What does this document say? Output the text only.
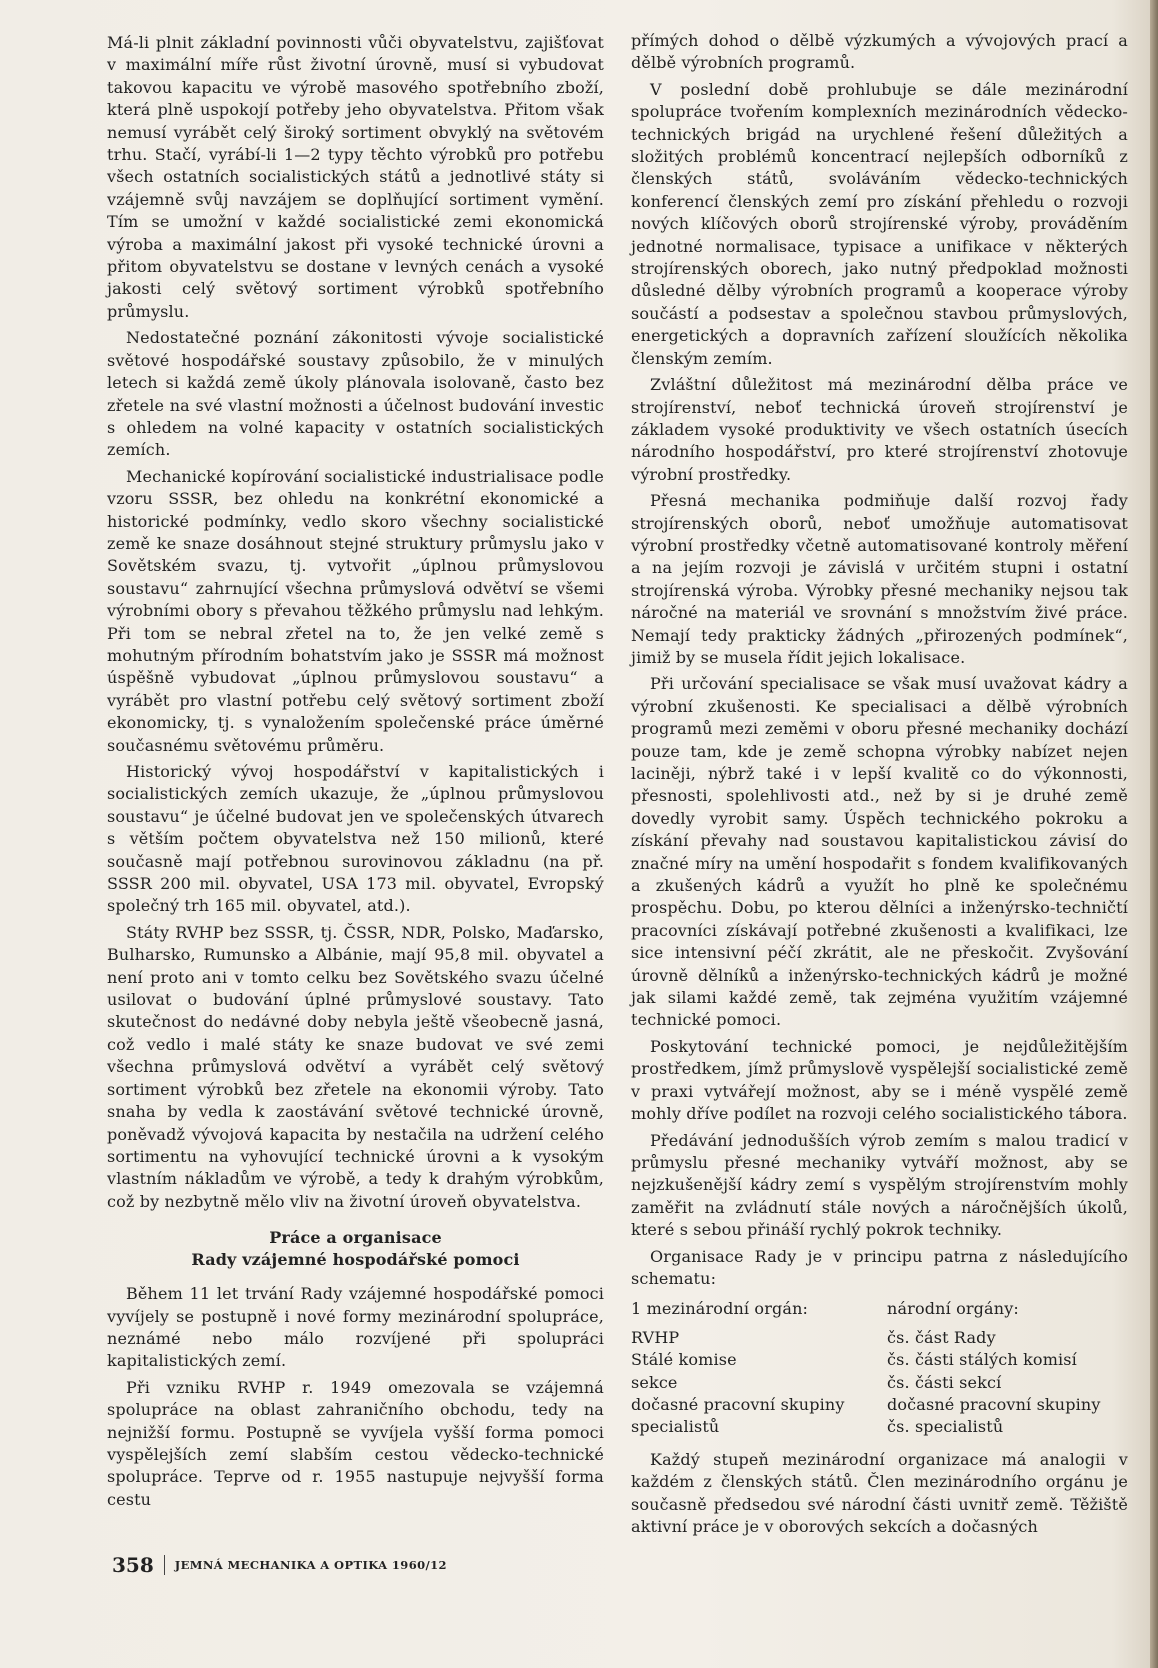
Má-li plnit základní povinnosti vůči obyvatelstvu, zajišťovat v maximální míře růst životní úrovně, musí si vybudovat takovou kapacitu ve výrobě masového spotřebního zboží, která plně uspokojí potřeby jeho obyvatelstva. Přitom však nemusí vyrábět celý široký sortiment obvyklý na světovém trhu. Stačí, vyrábí-li 1—2 typy těchto výrobků pro potřebu všech ostatních socialistických států a jednotlivé státy si vzájemně svůj navzájem se doplňující sortiment vymění. Tím se umožní v každé socialistické zemi ekonomická výroba a maximální jakost při vysoké technické úrovni a přitom obyvatelstvu se dostane v levných cenách a vysoké jakosti celý světový sortiment výrobků spotřebního průmyslu.

Nedostatečné poznání zákonitosti vývoje socialistické světové hospodářské soustavy způsobilo, že v minulých letech si každá země úkoly plánovala isolovaně, často bez zřetele na své vlastní možnosti a účelnost budování investic s ohledem na volné kapacity v ostatních socialistických zemích.

Mechanické kopírování socialistické industrialisace podle vzoru SSSR, bez ohledu na konkrétní ekonomické a historické podmínky, vedlo skoro všechny socialistické země ke snaze dosáhnout stejné struktury průmyslu jako v Sovětském svazu, tj. vytvořit „úplnou průmyslovou soustavu“ zahrnující všechna průmyslová odvětví se všemi výrobními obory s převahou těžkého průmyslu nad lehkým. Při tom se nebral zřetel na to, že jen velké země s mohutným přírodním bohatstvím jako je SSSR má možnost úspěšně vybudovat „úplnou průmyslovou soustavu“ a vyrábět pro vlastní potřebu celý světový sortiment zboží ekonomicky, tj. s vynaložením společenské práce úměrné současnému světovému průměru.

Historický vývoj hospodářství v kapitalistických i socialistických zemích ukazuje, že „úplnou průmyslovou soustavu“ je účelné budovat jen ve společenských útvarech s větším počtem obyvatelstva než 150 milionů, které současně mají potřebnou surovinovou základnu (na př. SSSR 200 mil. obyvatel, USA 173 mil. obyvatel, Evropský společný trh 165 mil. obyvatel, atd.).

Státy RVHP bez SSSR, tj. ČSSR, NDR, Polsko, Maďarsko, Bulharsko, Rumunsko a Albánie, mají 95,8 mil. obyvatel a není proto ani v tomto celku bez Sovětského svazu účelné usilovat o budování úplné průmyslové soustavy. Tato skutečnost do nedávné doby nebyla ještě všeobecně jasná, což vedlo i malé státy ke snaze budovat ve své zemi všechna průmyslová odvětví a vyrábět celý světový sortiment výrobků bez zřetele na ekonomii výroby. Tato snaha by vedla k zaostávání světové technické úrovně, poněvadž vývojová kapacita by nestačila na udržení celého sortimentu na vyhovující technické úrovni a k vysokým vlastním nákladům ve výrobě, a tedy k drahým výrobkům, což by nezbytně mělo vliv na životní úroveň obyvatelstva.

Práce a organisace
Rady vzájemné hospodářské pomoci

Během 11 let trvání Rady vzájemné hospodářské pomoci vyvíjely se postupně i nové formy mezinárodní spolupráce, neznámé nebo málo rozvíjené při spolupráci kapitalistických zemí.

Při vzniku RVHP r. 1949 omezovala se vzájemná spolupráce na oblast zahraničního obchodu, tedy na nejnižší formu. Postupně se vyvíjela vyšší forma pomoci vyspělejších zemí slabším cestou vědecko-technické spolupráce. Teprve od r. 1955 nastupuje nejvyšší forma cestu

přímých dohod o dělbě výzkumých a vývojových prací a dělbě výrobních programů.

V poslední době prohlubuje se dále mezinárodní spolupráce tvořením komplexních mezinárodních vědecko-technických brigád na urychlené řešení důležitých a složitých problémů koncentrací nejlepších odborníků z členských států, svoláváním vědecko-technických konferencí členských zemí pro získání přehledu o rozvoji nových klíčových oborů strojírenské výroby, prováděním jednotné normalisace, typisace a unifikace v některých strojírenských oborech, jako nutný předpoklad možnosti důsledné dělby výrobních programů a kooperace výroby součástí a podsestav a společnou stavbou průmyslových, energetických a dopravních zařízení sloužících několika členským zemím.

Zvláštní důležitost má mezinárodní dělba práce ve strojírenství, neboť technická úroveň strojírenství je základem vysoké produktivity ve všech ostatních úsecích národního hospodářství, pro které strojírenství zhotovuje výrobní prostředky.

Přesná mechanika podmiňuje další rozvoj řady strojírenských oborů, neboť umožňuje automatisovat výrobní prostředky včetně automatisované kontroly měření a na jejím rozvoji je závislá v určitém stupni i ostatní strojírenská výroba. Výrobky přesné mechaniky nejsou tak náročné na materiál ve srovnání s množstvím živé práce. Nemají tedy prakticky žádných „přirozených podmínek“, jimiž by se musela řídit jejich lokalisace.

Při určování specialisace se však musí uvažovat kádry a výrobní zkušenosti. Ke specialisaci a dělbě výrobních programů mezi zeměmi v oboru přesné mechaniky dochází pouze tam, kde je země schopna výrobky nabízet nejen laciněji, nýbrž také i v lepší kvalitě co do výkonnosti, přesnosti, spolehlivosti atd., než by si je druhé země dovedly vyrobit samy. Úspěch technického pokroku a získání převahy nad soustavou kapitalistickou závisí do značné míry na umění hospodařit s fondem kvalifikovaných a zkušených kádrů a využít ho plně ke společnému prospěchu. Dobu, po kterou dělníci a inženýrsko-techničtí pracovníci získávají potřebné zkušenosti a kvalifikaci, lze sice intensivní péčí zkrátit, ale ne přeskočit. Zvyšování úrovně dělníků a inženýrsko-technických kádrů je možné jak silami každé země, tak zejména využitím vzájemné technické pomoci.

Poskytování technické pomoci, je nejdůležitějším prostředkem, jímž průmyslově vyspělejší socialistické země v praxi vytvářejí možnost, aby se i méně vyspělé země mohly dříve podílet na rozvoji celého socialistického tábora.

Předávání jednodušších výrob zemím s malou tradicí v průmyslu přesné mechaniky vytváří možnost, aby se nejzkušenější kádry zemí s vyspělým strojírenstvím mohly zaměřit na zvládnutí stále nových a náročnějších úkolů, které s sebou přináší rychlý pokrok techniky.

Organisace Rady je v principu patrna z následujícího schematu:

1 mezinárodní orgán:	národní orgány:
RVHP	čs. část Rady
Stálé komise	čs. části stálých komisí
sekce	čs. části sekcí
dočasné pracovní skupiny	dočasné pracovní skupiny
specialistů	čs. specialistů

Každý stupeň mezinárodní organizace má analogii v každém z členských států. Člen mezinárodního orgánu je současně předsedou své národní části uvnitř země. Těžiště aktivní práce je v oborových sekcích a dočasných

358 JEMNÁ MECHANIKA A OPTIKA 1960/12
